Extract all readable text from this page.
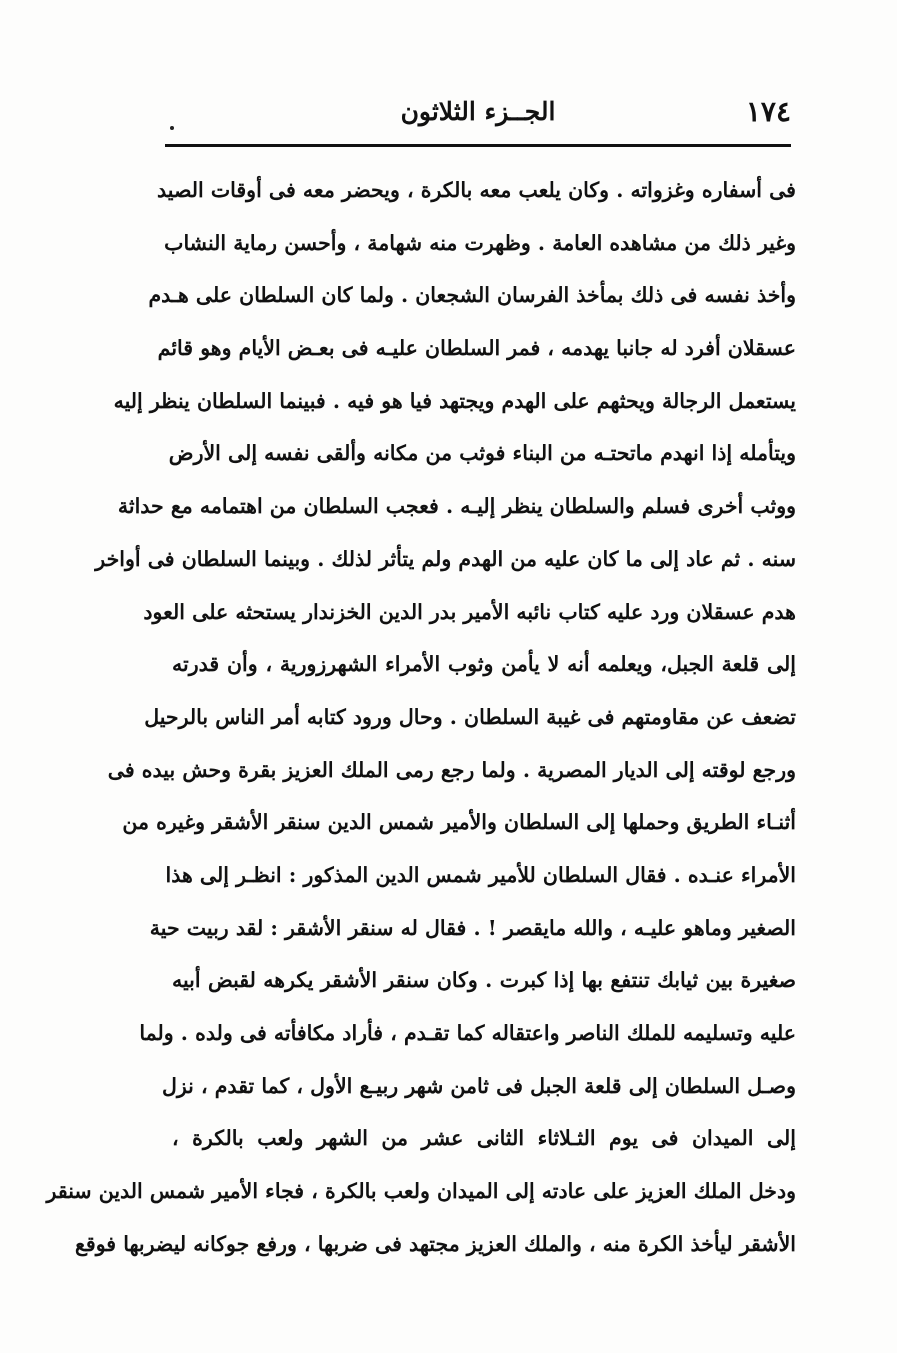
١٧٤
الجــزء الثلاثون
فى أسفاره وغزواته . وكان يلعب معه بالكرة ، ويحضر معه فى أوقات الصيد
وغير ذلك من مشاهده العامة . وظهرت منه شهامة ، وأحسن رماية النشاب
وأخذ نفسه فى ذلك بمأخذ الفرسان الشجعان . ولما كان السلطان على هـدم
عسقلان أفرد له جانبا يهدمه ، فمر السلطان عليـه فى بعـض الأيام وهو قائم
يستعمل الرجالة ويحثهم على الهدم ويجتهد فيا هو فيه . فبينما السلطان ينظر إليه
ويتأمله إذا انهدم ماتحتـه من البناء فوثب من مكانه وألقى نفسه إلى الأرض
ووثب أخرى فسلم والسلطان ينظر إليـه . فعجب السلطان من اهتمامه مع حداثة
سنه . ثم عاد إلى ما كان عليه من الهدم ولم يتأثر لذلك . وبينما السلطان فى أواخر
هدم عسقلان ورد عليه كتاب نائبه الأمير بدر الدين الخزندار يستحثه على العود
إلى قلعة الجبل، ويعلمه أنه لا يأمن وثوب الأمراء الشهرزورية ، وأن قدرته
تضعف عن مقاومتهم فى غيبة السلطان . وحال ورود كتابه أمر الناس بالرحيل
ورجع لوقته إلى الديار المصرية . ولما رجع رمى الملك العزيز بقرة وحش بيده فى
أثنـاء الطريق وحملها إلى السلطان والأمير شمس الدين سنقر الأشقر وغيره من
الأمراء عنـده . فقال السلطان للأمير شمس الدين المذكور : انظـر إلى هذا
الصغير وماهو عليـه ، والله مايقصر ! . فقال له سنقر الأشقر : لقد ربيت حية
صغيرة بين ثيابك تنتفع بها إذا كبرت . وكان سنقر الأشقر يكرهه لقبض أبيه
عليه وتسليمه للملك الناصر واعتقاله كما تقـدم ، فأراد مكافأته فى ولده . ولما
وصـل السلطان إلى قلعة الجبل فى ثامن شهر ربيـع الأول ، كما تقدم ، نزل
إلى الميدان فى يوم الثـلاثاء الثانى عشر من الشهر ولعب بالكرة ،
ودخل الملك العزيز على عادته إلى الميدان ولعب بالكرة ، فجاء الأمير شمس الدين سنقر
الأشقر ليأخذ الكرة منه ، والملك العزيز مجتهد فى ضربها ، ورفع جوكانه ليضربها فوقع
